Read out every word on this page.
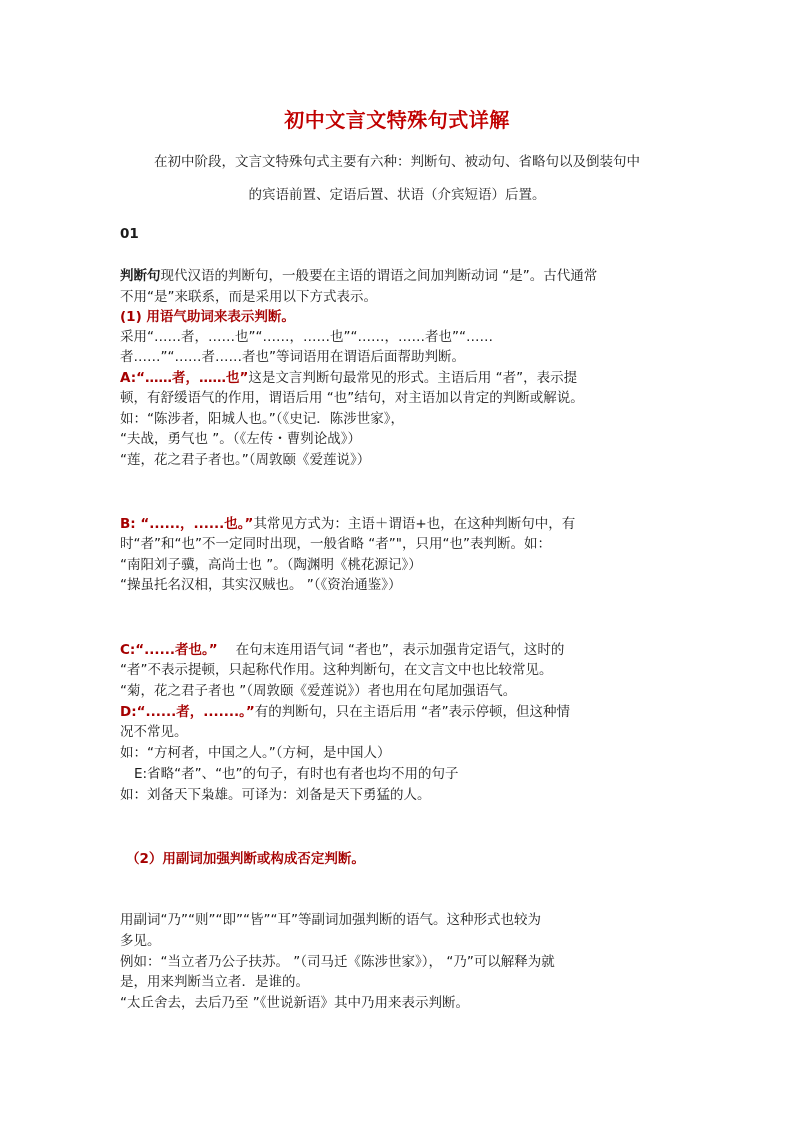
初中文言文特殊句式详解
在初中阶段，文言文特殊句式主要有六种：判断句、被动句、省略句以及倒装句中
的宾语前置、定语后置、状语（介宾短语）后置。
01
判断句现代汉语的判断句，一般要在主语的谓语之间加判断动词 “是”。古代通常
不用“是”来联系，而是采用以下方式表示。
(1) 用语气助词来表示判断。
采用“……者，……也”“……，……也”“……，……者也”“……
者……”“……者……者也”等词语用在谓语后面帮助判断。
A:“……者，……也”这是文言判断句最常见的形式。主语后用 “者”，表示提
顿，有舒缓语气的作用，谓语后用 “也”结句，对主语加以肯定的判断或解说。
如：“陈涉者，阳城人也。”（《史记．陈涉世家》，
“夫战，勇气也 ”。（《左传・曹刿论战》）
“莲，花之君子者也。”（周敦颐《爱莲说》）
B: “......，......也。”其常见方式为：主语＋谓语+也，在这种判断句中，有
时“者”和“也”不一定同时出现，一般省略 “者”"，只用“也”表判断。如：
“南阳刘子骥，高尚士也 ”。（陶渊明《桃花源记》）
“操虽托名汉相，其实汉贼也。 ”（《资治通鉴》）
C:“......者也。” 在句末连用语气词 “者也”，表示加强肯定语气，这时的
“者”不表示提顿，只起称代作用。这种判断句，在文言文中也比较常见。
“菊，花之君子者也 ”（周敦颐《爱莲说》）者也用在句尾加强语气。
D:“......者，.......。”有的判断句，只在主语后用 “者”表示停顿，但这种情
况不常见。
如：“方柯者，中国之人。”（方柯，是中国人）
E:省略“者”、“也”的句子，有时也有者也均不用的句子
如：刘备天下枭雄。可译为：刘备是天下勇猛的人。
（2）用副词加强判断或构成否定判断。
用副词“乃”“则”“即”“皆”“耳”等副词加强判断的语气。这种形式也较为
多见。
例如：“当立者乃公子扶苏。 ”（司马迁《陈涉世家》）， “乃”可以解释为就
是，用来判断当立者．是谁的。
“太丘舍去，去后乃至 ”《世说新语》其中乃用来表示判断。
